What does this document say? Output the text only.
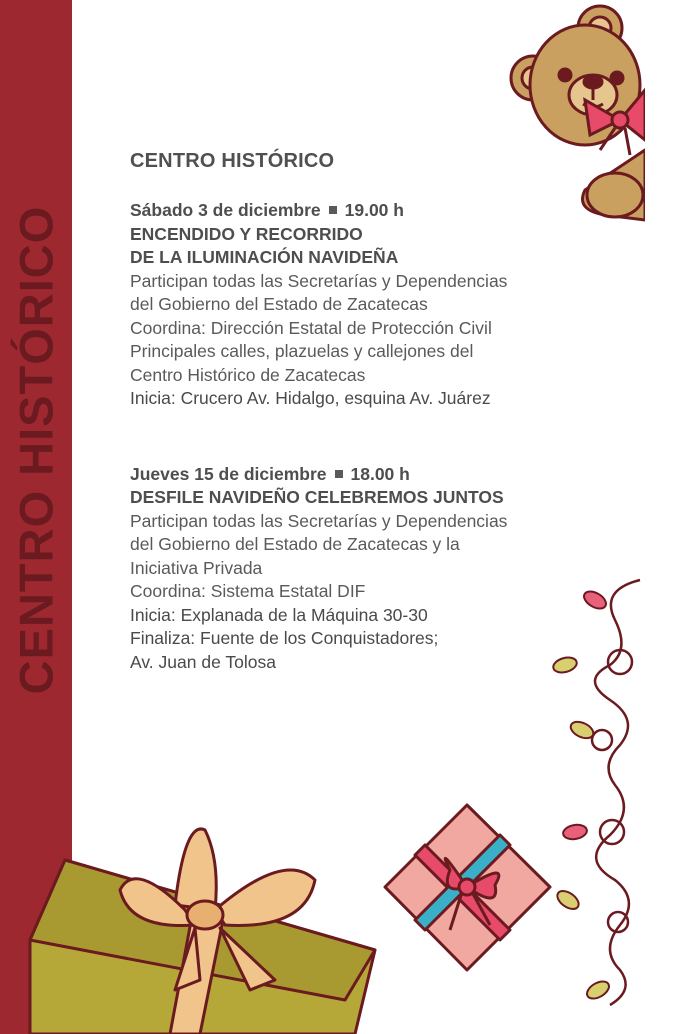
CENTRO HISTÓRICO
CENTRO HISTÓRICO
Sábado 3 de diciembre 19.00 h
ENCENDIDO Y RECORRIDO
DE LA ILUMINACIÓN NAVIDEÑA
Participan todas las Secretarías y Dependencias
del Gobierno del Estado de Zacatecas
Coordina: Dirección Estatal de Protección Civil
Principales calles, plazuelas y callejones del
Centro Histórico de Zacatecas
Inicia: Crucero Av. Hidalgo, esquina Av. Juárez
Jueves 15 de diciembre 18.00 h
DESFILE NAVIDEÑO CELEBREMOS JUNTOS
Participan todas las Secretarías y Dependencias
del Gobierno del Estado de Zacatecas y la
Iniciativa Privada
Coordina: Sistema Estatal DIF
Inicia: Explanada de la Máquina 30-30
Finaliza: Fuente de los Conquistadores;
Av. Juan de Tolosa
